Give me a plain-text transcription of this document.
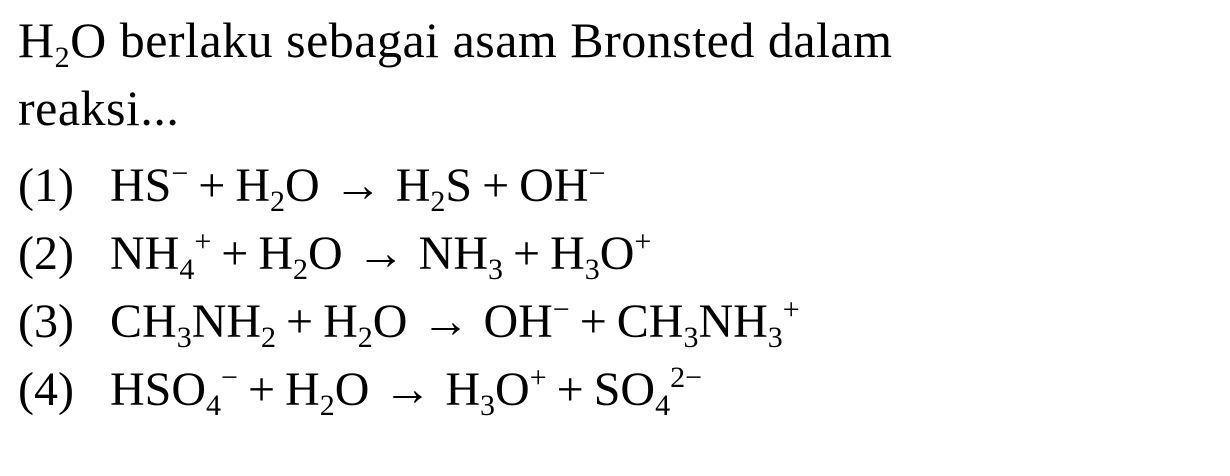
$H_2O$ berlaku sebagai asam Bronsted dalam
reaksi...
(1) $HS^- + H_2O \to H_2S + OH^-$
(2) $NH_4^+ + H_2O \to NH_3 + H_3O^+$
(3) $CH_3NH_2 + H_2O \to OH^- + CH_3NH_3^+$
(4) $HSO_4^- + H_2O \to H_3O^+ + SO_4^{2-}$
